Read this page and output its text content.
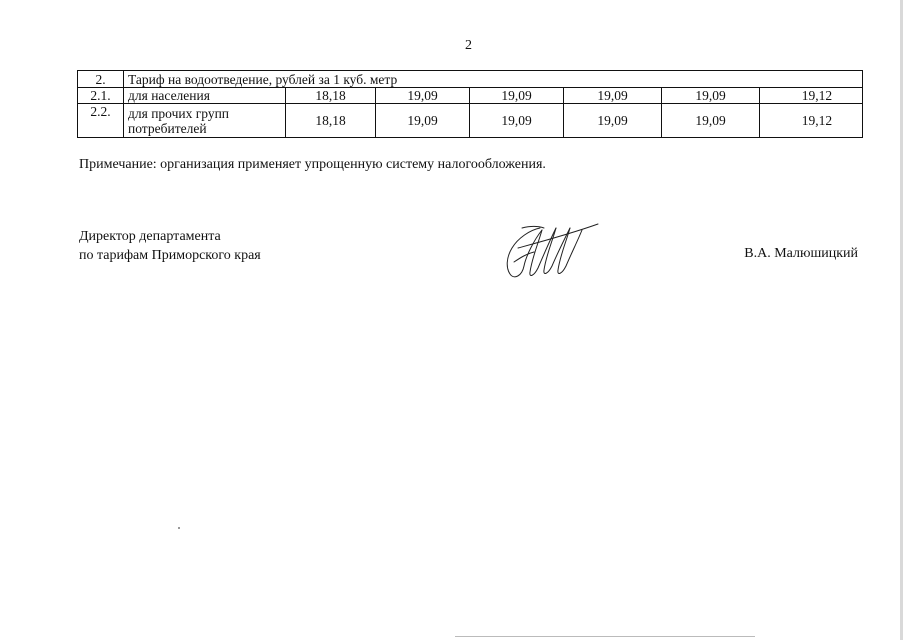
2
2.	Тариф на водоотведение, рублей за 1 куб. метр						
2.1.	для населения	18,18	19,09	19,09	19,09	19,09	19,12
2.2.	для прочих групп потребителей	18,18	19,09	19,09	19,09	19,09	19,12
Примечание: организация применяет упрощенную систему налогообложения.
Директор департамента
по тарифам Приморского края	В.А. Малюшицкий
